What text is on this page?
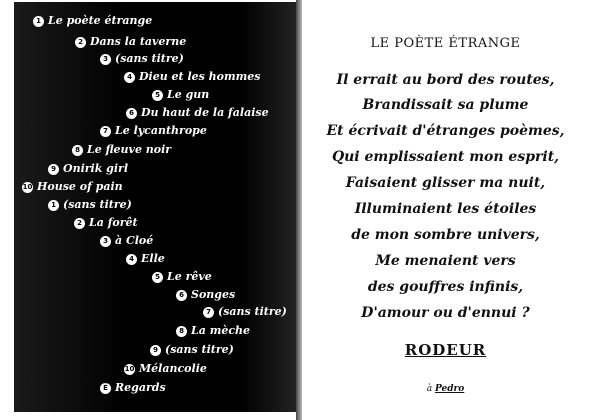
1 Le poète étrange
2 Dans la taverne
3 (sans titre)
4 Dieu et les hommes
5 Le gun
6 Du haut de la falaise
7 Le lycanthrope
8 Le fleuve noir
9 Onirik girl
10 House of pain
1 (sans titre)
2 La forêt
3 à Cloé
4 Elle
5 Le rêve
6 Songes
7 (sans titre)
8 La mèche
9 (sans titre)
10 Mélancolie
É Regards
LE POÈTE ÉTRANGE
Il errait au bord des routes,
Brandissait sa plume
Et écrivait d'étranges poèmes,
Qui emplissaient mon esprit,
Faisaient glisser ma nuit,
Illuminaient les étoiles
de mon sombre univers,
Me menaient vers
des gouffres infinis,
D'amour ou d'ennui ?
RODEUR
à Pedro
